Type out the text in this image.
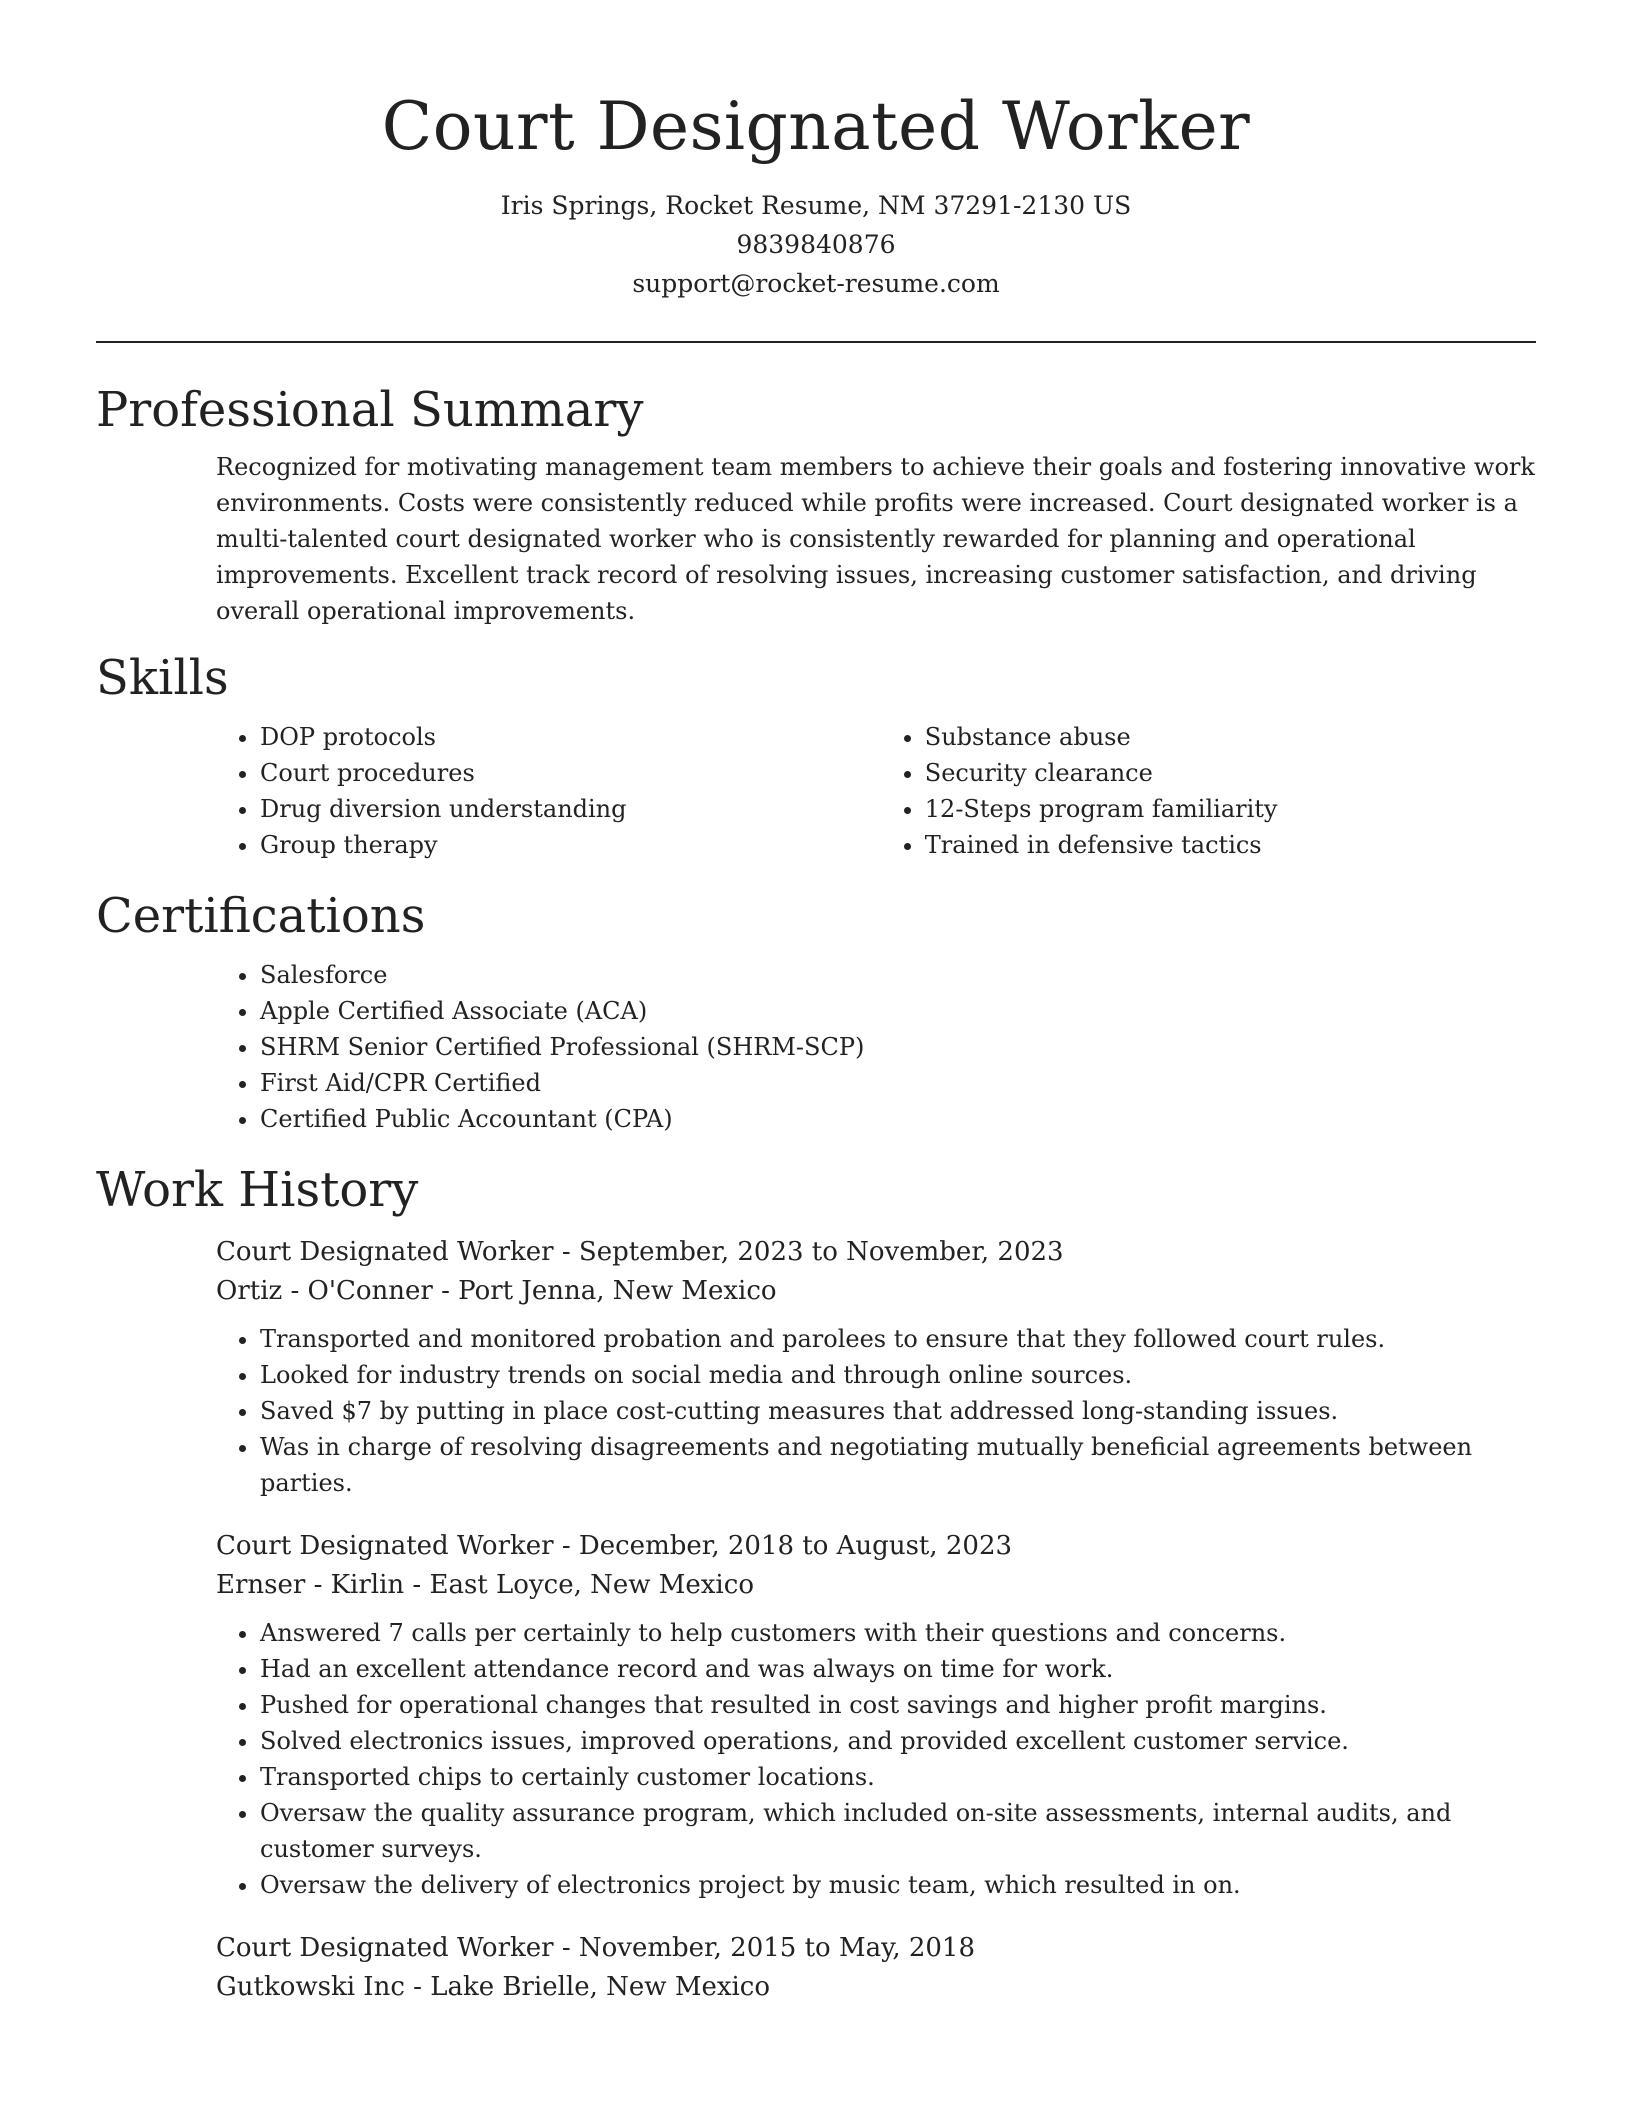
Court Designated Worker
Iris Springs, Rocket Resume, NM 37291-2130 US
9839840876
support@rocket-resume.com
Professional Summary

Recognized for motivating management team members to achieve their goals and fostering innovative work environments. Costs were consistently reduced while profits were increased. Court designated worker is a multi-talented court designated worker who is consistently rewarded for planning and operational improvements. Excellent track record of resolving issues, increasing customer satisfaction, and driving overall operational improvements.

Skills
• DOP protocols
• Court procedures
• Drug diversion understanding
• Group therapy
• Substance abuse
• Security clearance
• 12-Steps program familiarity
• Trained in defensive tactics
Certifications
• Salesforce
• Apple Certified Associate (ACA)
• SHRM Senior Certified Professional (SHRM-SCP)
• First Aid/CPR Certified
• Certified Public Accountant (CPA)
Work History
Court Designated Worker - September, 2023 to November, 2023
Ortiz - O'Conner - Port Jenna, New Mexico
• Transported and monitored probation and parolees to ensure that they followed court rules.
• Looked for industry trends on social media and through online sources.
• Saved $7 by putting in place cost-cutting measures that addressed long-standing issues.
• Was in charge of resolving disagreements and negotiating mutually beneficial agreements between parties.
Court Designated Worker - December, 2018 to August, 2023
Ernser - Kirlin - East Loyce, New Mexico
• Answered 7 calls per certainly to help customers with their questions and concerns.
• Had an excellent attendance record and was always on time for work.
• Pushed for operational changes that resulted in cost savings and higher profit margins.
• Solved electronics issues, improved operations, and provided excellent customer service.
• Transported chips to certainly customer locations.
• Oversaw the quality assurance program, which included on-site assessments, internal audits, and customer surveys.
• Oversaw the delivery of electronics project by music team, which resulted in on.
Court Designated Worker - November, 2015 to May, 2018
Gutkowski Inc - Lake Brielle, New Mexico
